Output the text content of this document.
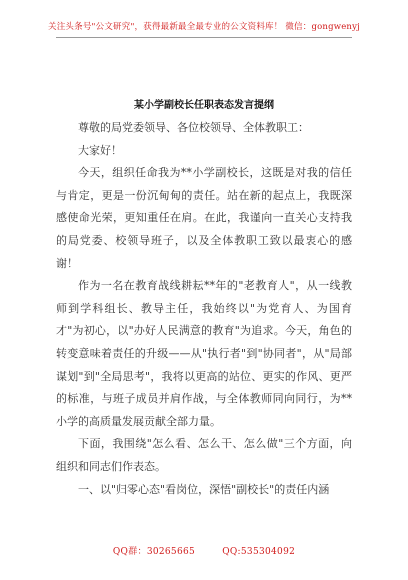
关注头条号"公文研究"，获得最新最全最专业的公文资料库！ 微信：gongwenyj
某小学副校长任职表态发言提纲

尊敬的局党委领导、各位校领导、全体教职工：

大家好！

今天，组织任命我为**小学副校长，这既是对我的信任与肯定，更是一份沉甸甸的责任。站在新的起点上，我既深感使命光荣，更知重任在肩。在此，我谨向一直关心支持我的局党委、校领导班子，以及全体教职工致以最衷心的感谢！

作为一名在教育战线耕耘**年的"老教育人"，从一线教师到学科组长、教导主任，我始终以"为党育人、为国育才"为初心，以"办好人民满意的教育"为追求。今天，角色的转变意味着责任的升级——从"执行者"到"协同者"，从"局部谋划"到"全局思考"，我将以更高的站位、更实的作风、更严的标准，与班子成员并肩作战，与全体教师同向同行，为**小学的高质量发展贡献全部力量。

下面，我围绕"怎么看、怎么干、怎么做"三个方面，向组织和同志们作表态。

一、以"归零心态"看岗位，深悟"副校长"的责任内涵

QQ群：30265665	QQ:535304092
